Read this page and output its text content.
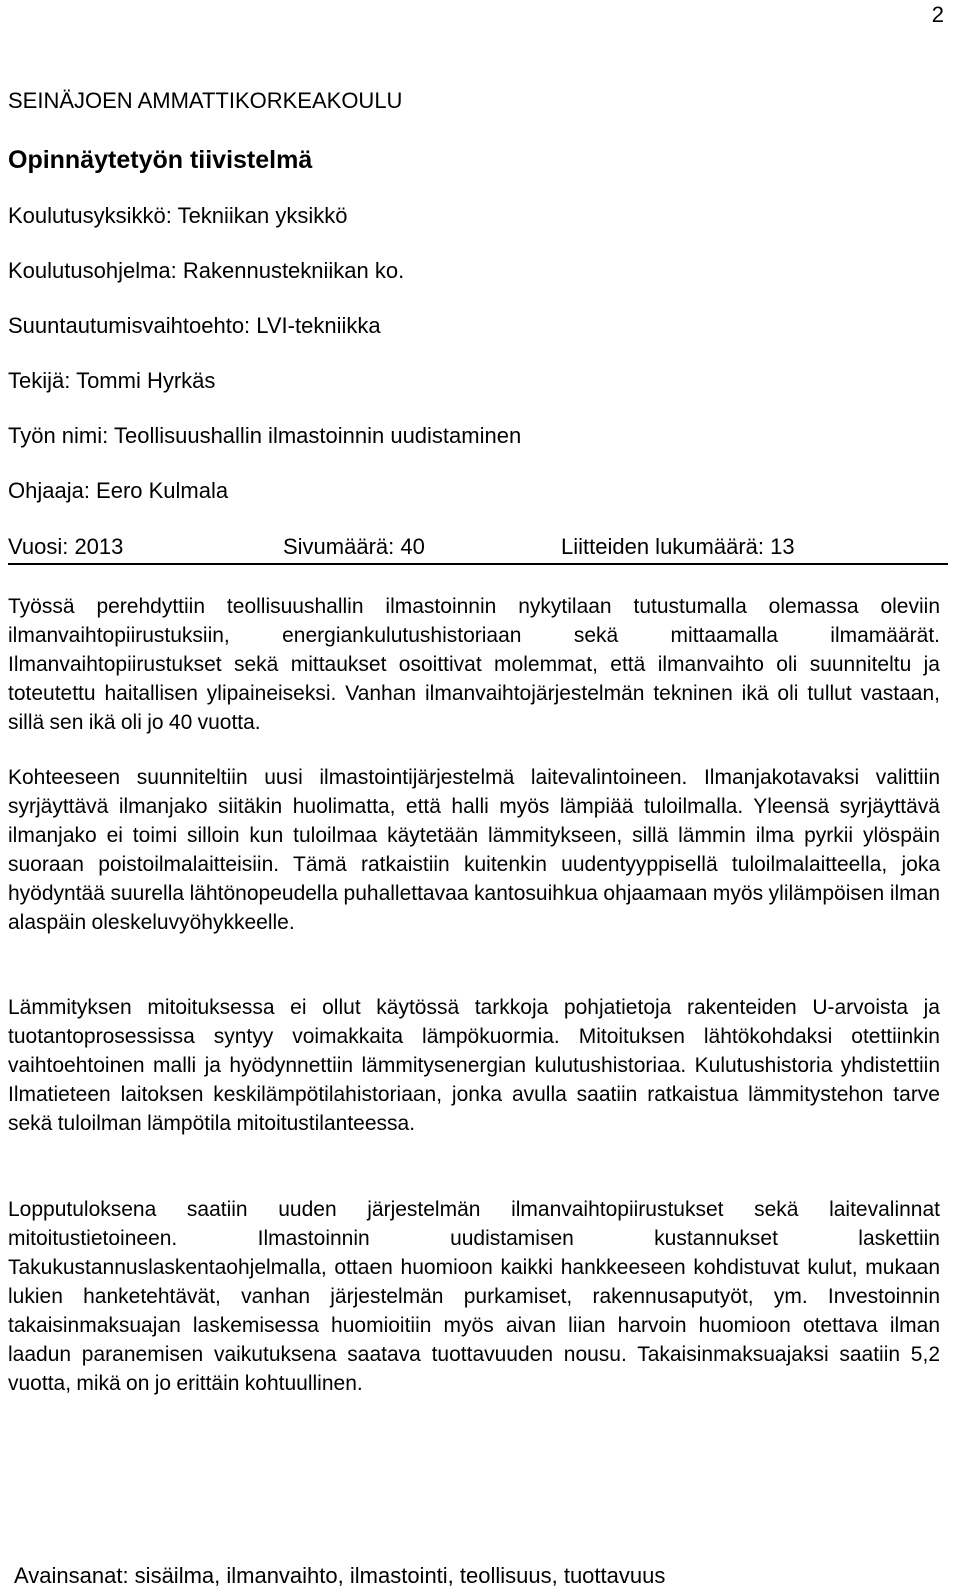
2
SEINÄJOEN AMMATTIKORKEAKOULU
Opinnäytetyön tiivistelmä
Koulutusyksikkö: Tekniikan yksikkö
Koulutusohjelma: Rakennustekniikan ko.
Suuntautumisvaihtoehto: LVI-tekniikka
Tekijä: Tommi Hyrkäs
Työn nimi: Teollisuushallin ilmastoinnin uudistaminen
Ohjaaja: Eero Kulmala
Vuosi: 2013	Sivumäärä: 40	Liitteiden lukumäärä: 13

Työssä perehdyttiin teollisuushallin ilmastoinnin nykytilaan tutustumalla olemassa oleviin ilmanvaihtopiirustuksiin, energiankulutushistoriaan sekä mittaamalla ilmamäärät. Ilmanvaihtopiirustukset sekä mittaukset osoittivat molemmat, että ilmanvaihto oli suunniteltu ja toteutettu haitallisen ylipaineiseksi. Vanhan ilmanvaihtojärjestelmän tekninen ikä oli tullut vastaan, sillä sen ikä oli jo 40 vuotta.

Kohteeseen suunniteltiin uusi ilmastointijärjestelmä laitevalintoineen. Ilmanjakotavaksi valittiin syrjäyttävä ilmanjako siitäkin huolimatta, että halli myös lämpiää tuloilmalla. Yleensä syrjäyttävä ilmanjako ei toimi silloin kun tuloilmaa käytetään lämmitykseen, sillä lämmin ilma pyrkii ylöspäin suoraan poistoilmalaitteisiin. Tämä ratkaistiin kuitenkin uudentyyppisellä tuloilmalaitteella, joka hyödyntää suurella lähtönopeudella puhallettavaa kantosuihkua ohjaamaan myös ylilämpöisen ilman alaspäin oleskeluvyöhykkeelle.

Lämmityksen mitoituksessa ei ollut käytössä tarkkoja pohjatietoja rakenteiden U-arvoista ja tuotantoprosessissa syntyy voimakkaita lämpökuormia. Mitoituksen lähtökohdaksi otettiinkin vaihtoehtoinen malli ja hyödynnettiin lämmitysenergian kulutushistoriaa. Kulutushistoria yhdistettiin Ilmatieteen laitoksen keskilämpötilahistoriaan, jonka avulla saatiin ratkaistua lämmitystehon tarve sekä tuloilman lämpötila mitoitustilanteessa.

Lopputuloksena saatiin uuden järjestelmän ilmanvaihtopiirustukset sekä laitevalinnat mitoitustietoineen. Ilmastoinnin uudistamisen kustannukset laskettiin Takukustannuslaskentaohjelmalla, ottaen huomioon kaikki hankkeeseen kohdistuvat kulut, mukaan lukien hanketehtävät, vanhan järjestelmän purkamiset, rakennusaputyöt, ym. Investoinnin takaisinmaksuajan laskemisessa huomioitiin myös aivan liian harvoin huomioon otettava ilman laadun paranemisen vaikutuksena saatava tuottavuuden nousu. Takaisinmaksuajaksi saatiin 5,2 vuotta, mikä on jo erittäin kohtuullinen.

Avainsanat: sisäilma, ilmanvaihto, ilmastointi, teollisuus, tuottavuus
